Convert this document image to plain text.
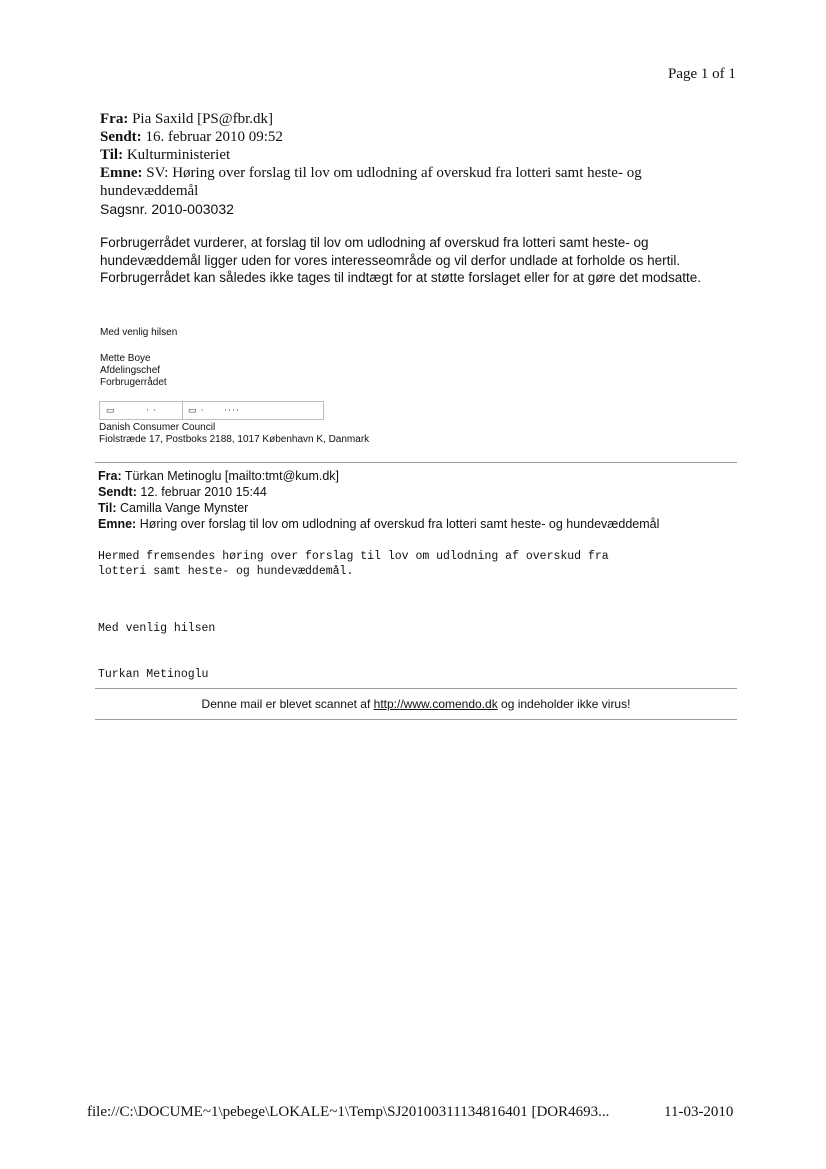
Page 1 of 1
Fra: Pia Saxild [PS@fbr.dk]
Sendt: 16. februar 2010 09:52
Til: Kulturministeriet
Emne: SV: Høring over forslag til lov om udlodning af overskud fra lotteri samt heste- og hundevæddemål
Sagsnr. 2010-003032
Forbrugerrådet vurderer, at forslag til lov om udlodning af overskud fra lotteri samt heste- og hundevæddemål ligger uden for vores interesseområde og vil derfor undlade at forholde os hertil. Forbrugerrådet kan således ikke tages til indtægt for at støtte forslaget eller for at gøre det modsatte.
Med venlig hilsen
Mette Boye
Afdelingschef
Forbrugerrådet
▭	· ·	▭ · ····
Danish Consumer Council
Fiolstræde 17, Postboks 2188, 1017 København K, Danmark
Fra: Türkan Metinoglu [mailto:tmt@kum.dk]
Sendt: 12. februar 2010 15:44
Til: Camilla Vange Mynster
Emne: Høring over forslag til lov om udlodning af overskud fra lotteri samt heste- og hundevæddemål
Hermed fremsendes høring over forslag til lov om udlodning af overskud fra
lotteri samt heste- og hundevæddemål.
Med venlig hilsen
Turkan Metinoglu
Denne mail er blevet scannet af http://www.comendo.dk og indeholder ikke virus!
file://C:\DOCUME~1\pebege\LOKALE~1\Temp\SJ20100311134816401 [DOR4693...	11-03-2010
